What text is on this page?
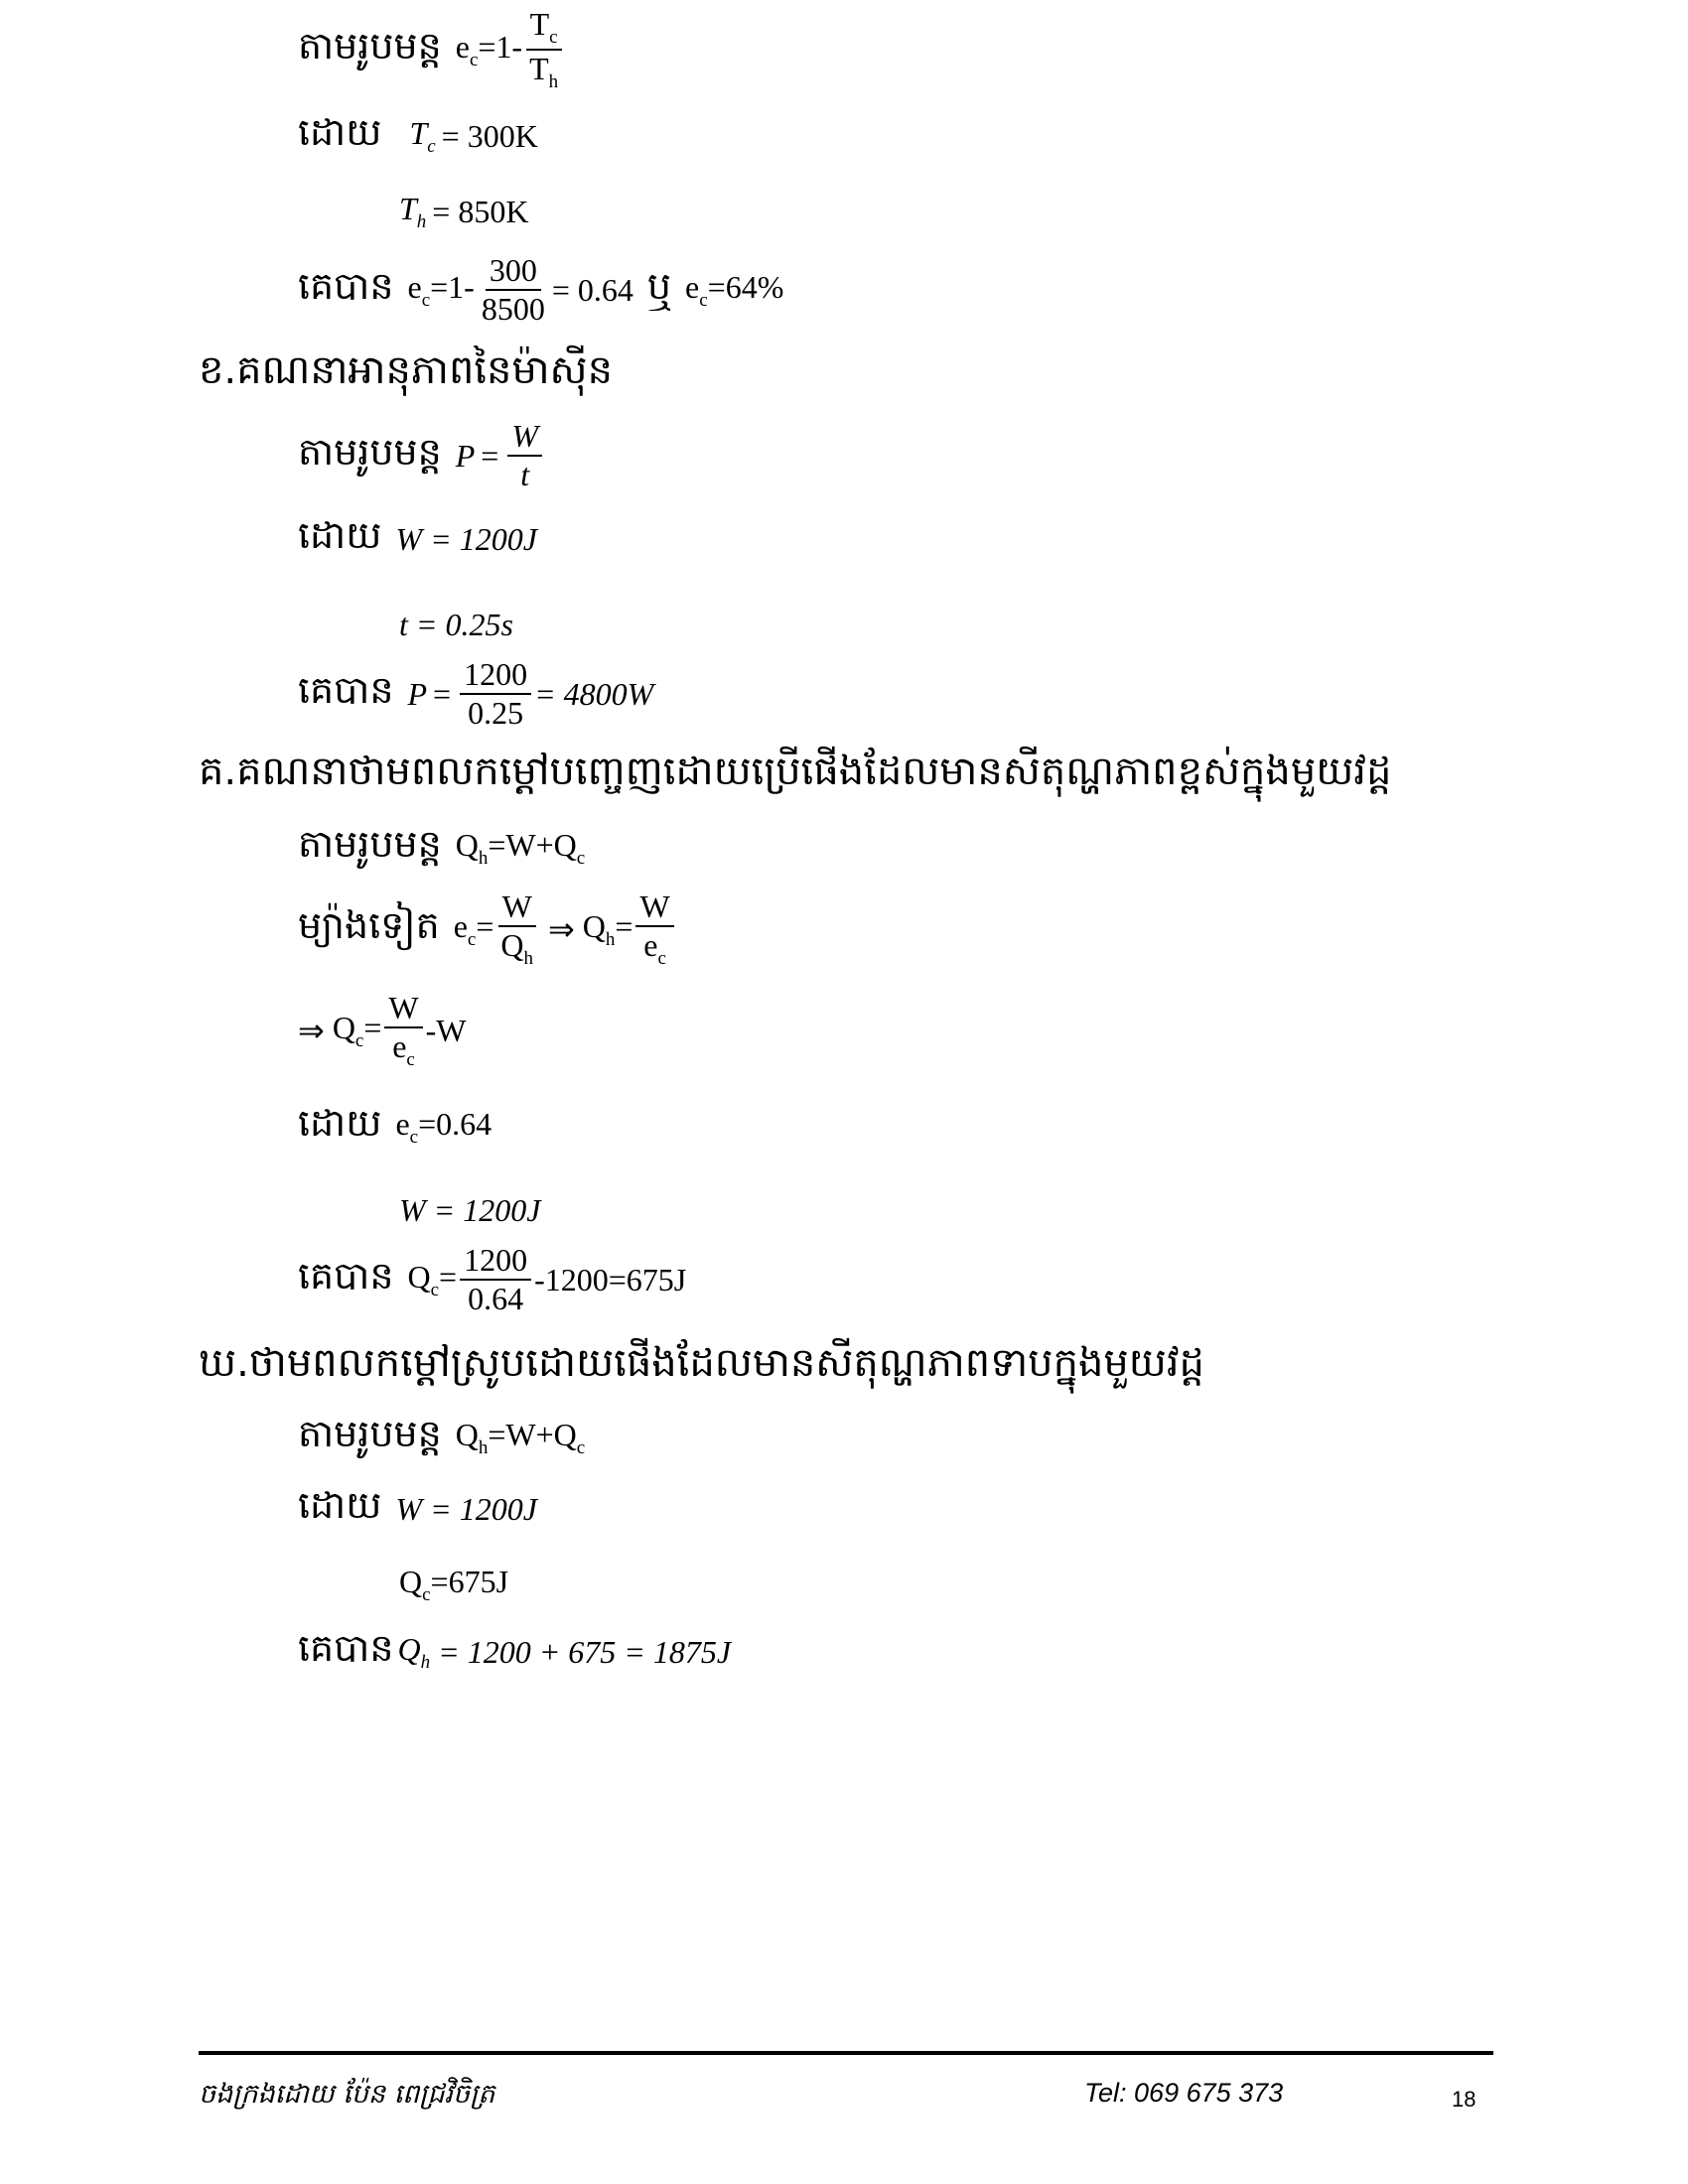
តាមរូបមន្ត $e_c=1- \frac{T_c}{T_h}$
ដោយ $T_c = 300K$
$T_h = 850K$
គេបាន $e_c=1- \frac{300}{8500} = 0.64$ ឬ $e_c=64\%$
ខ.គណនាអានុភាពនៃម៉ាស៊ីន
តាមរូបមន្ត $P = \frac{W}{t}$
ដោយ W = 1200J
t = 0.25s
គេបាន $P = \frac{1200}{0.25} = 4800W$
គ.គណនាថាមពលកម្តៅបញ្ចេញដោយប្រើផើងដែលមានសីតុណ្ហភាពខ្ពស់ក្នុងមួយវដ្ត
តាមរូបមន្ត $Q_h=W+Q_c$
ម្យ៉ាងទៀត $e_c= \frac{W}{Q_h}$ ⇒ $Q_h= \frac{W}{e_c}$
⇒ $Q_c= \frac{W}{e_c} -W$
ដោយ $e_c=0.64$
W = 1200J
គេបាន $Q_c= \frac{1200}{0.64} -1200=675J$
ឃ.ថាមពលកម្តៅស្រូបដោយផើងដែលមានសីតុណ្ហភាពទាបក្នុងមួយវដ្ត
តាមរូបមន្ត $Q_h=W+Q_c$
ដោយ W = 1200J
$Q_c=675J$
គេបាន $Q_h = 1200 + 675 = 1875J$
ចងក្រងដោយ ប៉ែន ពេជ្រវិចិត្រ	Tel: 069 675 373	18
